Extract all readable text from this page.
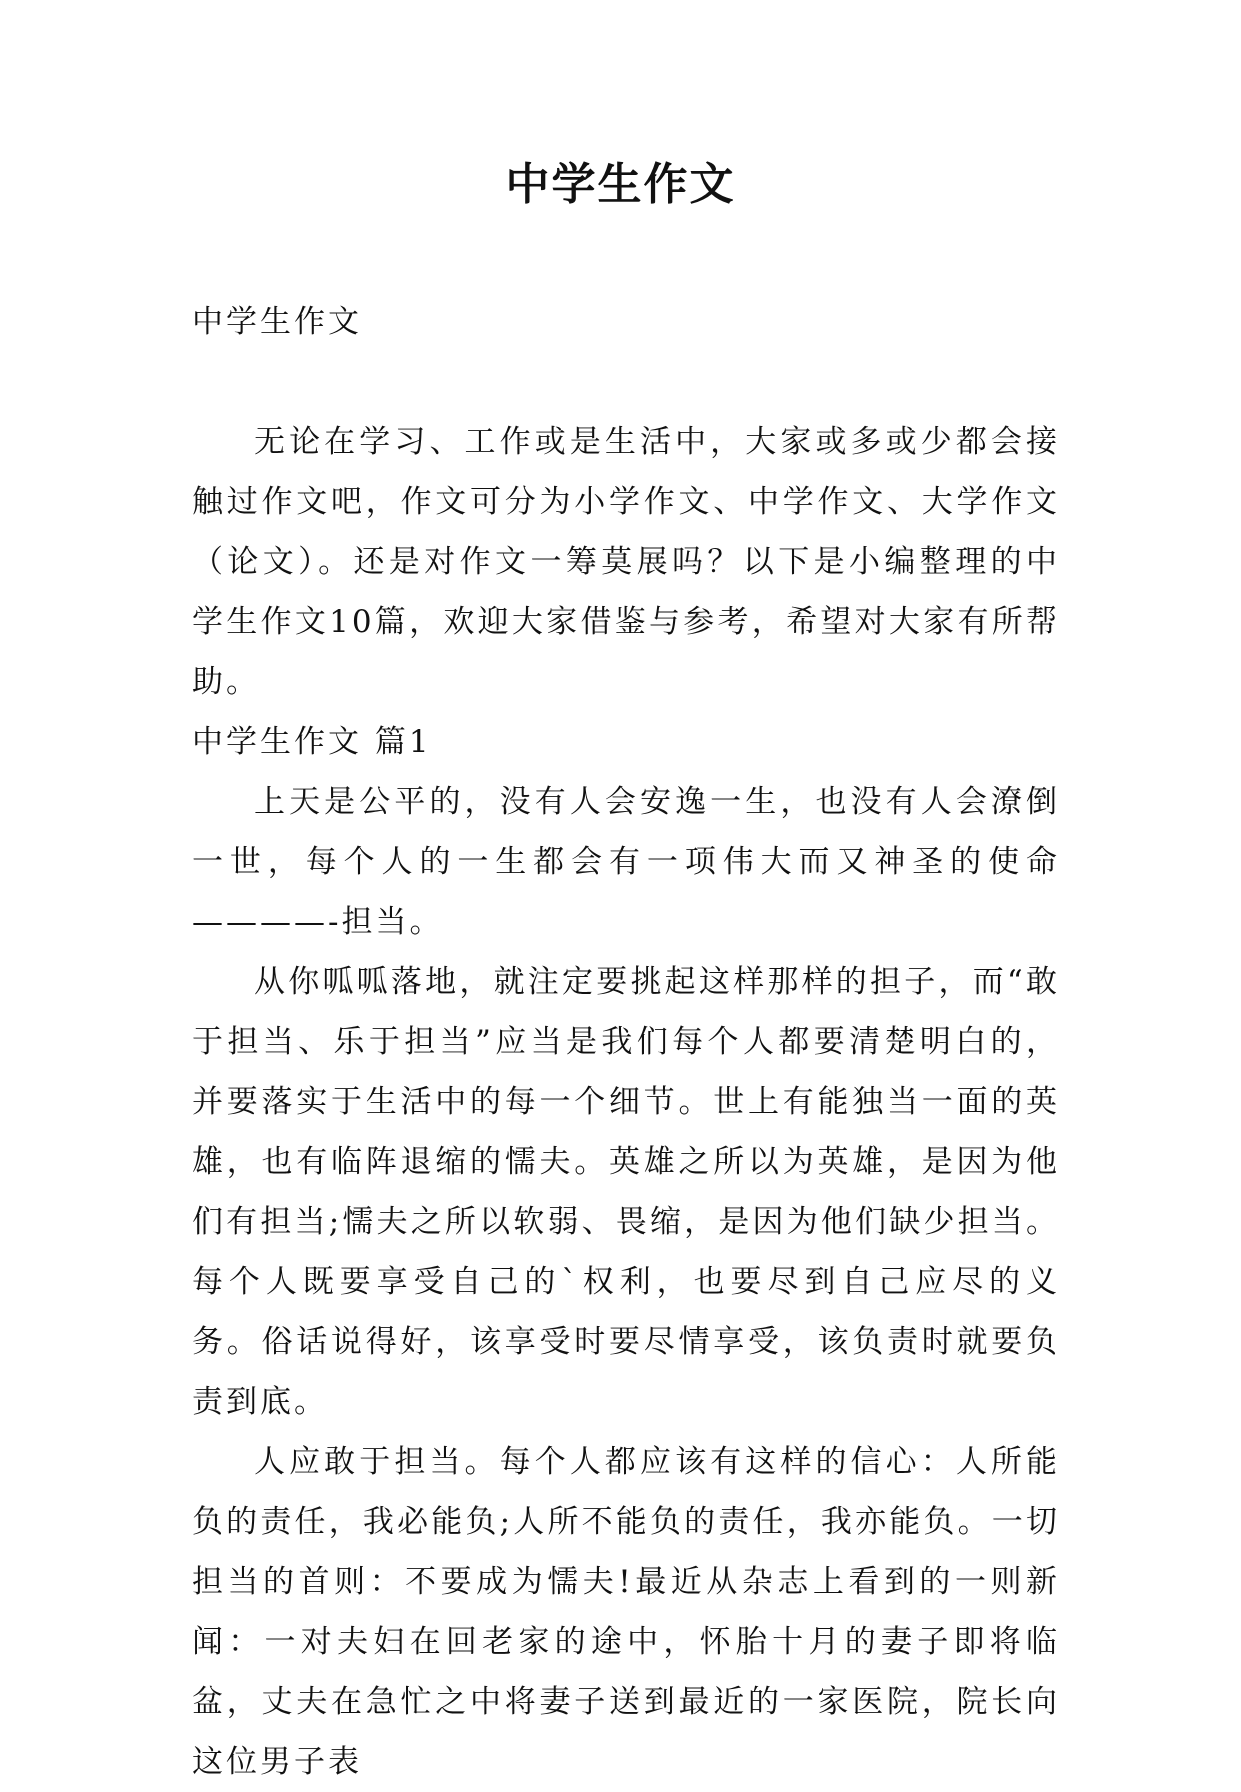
中学生作文

中学生作文

无论在学习、工作或是生活中，大家或多或少都会接触过作文吧，作文可分为小学作文、中学作文、大学作文（论文）。还是对作文一筹莫展吗？以下是小编整理的中学生作文10篇，欢迎大家借鉴与参考，希望对大家有所帮助。

中学生作文 篇1

上天是公平的，没有人会安逸一生，也没有人会潦倒一世，每个人的一生都会有一项伟大而又神圣的使命————-担当。

从你呱呱落地，就注定要挑起这样那样的担子，而“敢于担当、乐于担当”应当是我们每个人都要清楚明白的，并要落实于生活中的每一个细节。世上有能独当一面的英雄，也有临阵退缩的懦夫。英雄之所以为英雄，是因为他们有担当;懦夫之所以软弱、畏缩，是因为他们缺少担当。每个人既要享受自己的`权利，也要尽到自己应尽的义务。俗话说得好，该享受时要尽情享受，该负责时就要负责到底。

人应敢于担当。每个人都应该有这样的信心：人所能负的责任，我必能负;人所不能负的责任，我亦能负。一切担当的首则：不要成为懦夫!最近从杂志上看到的一则新闻：一对夫妇在回老家的途中，怀胎十月的妻子即将临盆，丈夫在急忙之中将妻子送到最近的一家医院，院长向这位男子表
